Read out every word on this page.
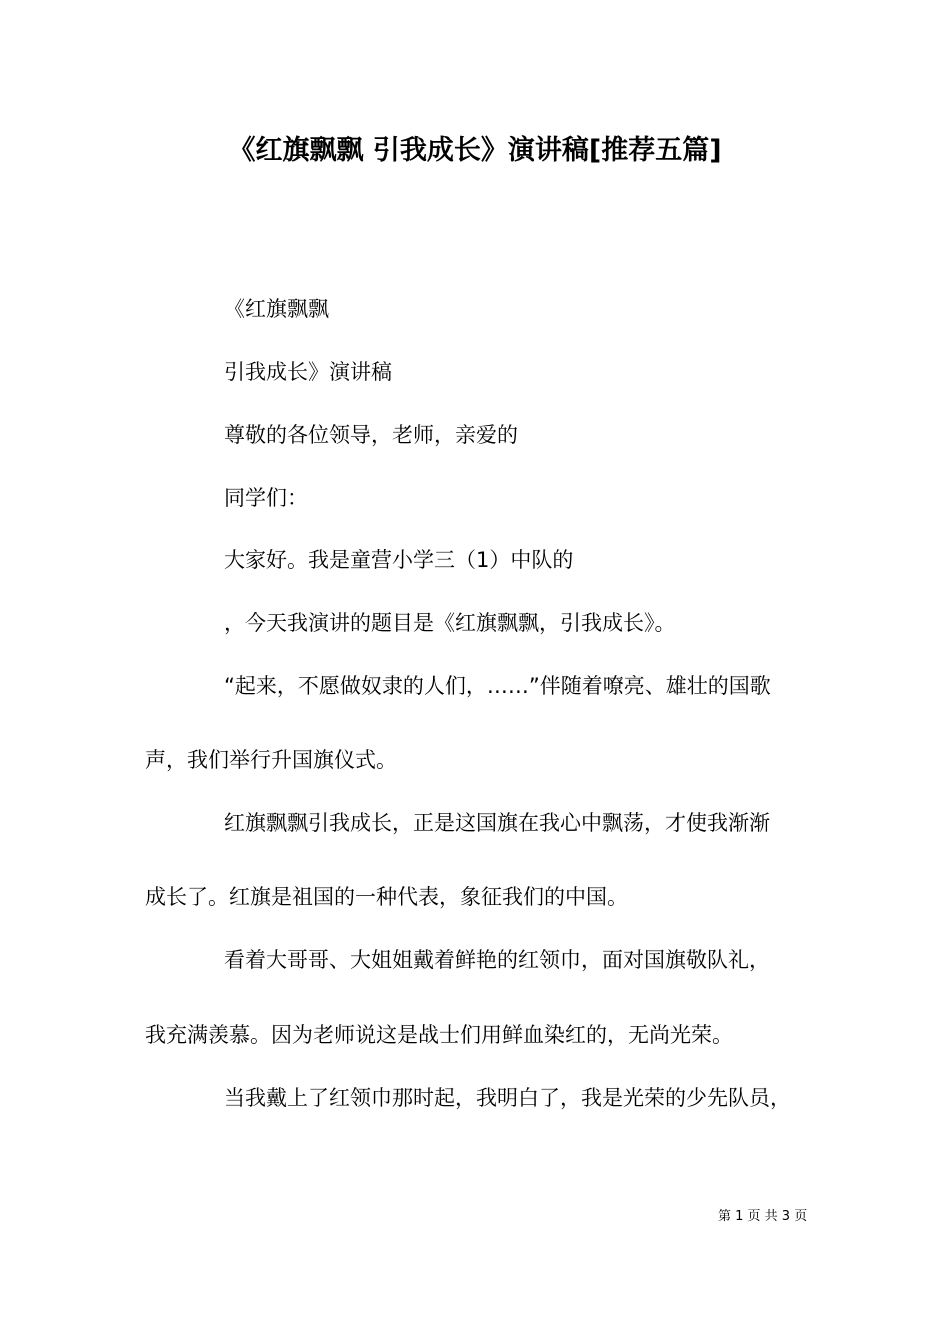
《红旗飘飘 引我成长》演讲稿[推荐五篇]
《红旗飘飘
引我成长》演讲稿
尊敬的各位领导，老师，亲爱的
同学们：
大家好。我是童营小学三（1）中队的
，今天我演讲的题目是《红旗飘飘，引我成长》。
“起来，不愿做奴隶的人们，……”伴随着嘹亮、雄壮的国歌
声，我们举行升国旗仪式。
红旗飘飘引我成长，正是这国旗在我心中飘荡，才使我渐渐
成长了。红旗是祖国的一种代表，象征我们的中国。
看着大哥哥、大姐姐戴着鲜艳的红领巾，面对国旗敬队礼，
我充满羡慕。因为老师说这是战士们用鲜血染红的，无尚光荣。
当我戴上了红领巾那时起，我明白了，我是光荣的少先队员，
第 1 页 共 3 页
